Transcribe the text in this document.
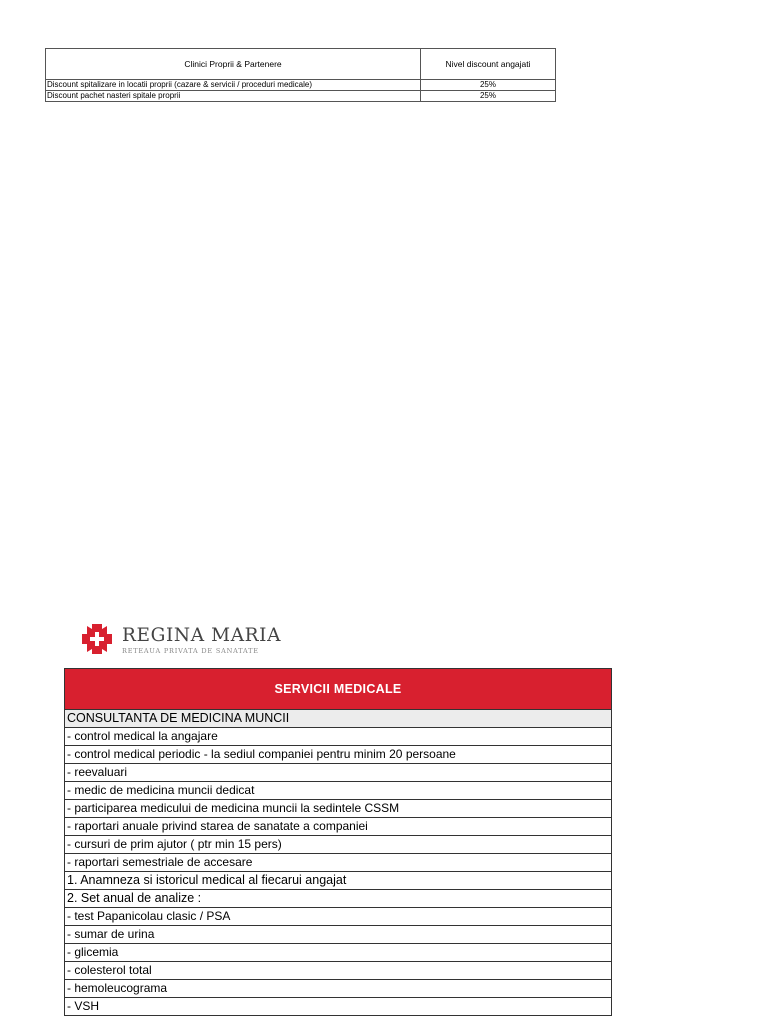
Clinici Proprii & Partenere	Nivel discount angajati
Discount spitalizare in locatii proprii (cazare & servicii / proceduri medicale)	25%
Discount pachet nasteri spitale proprii	25%
REGINA MARIA
RETEAUA PRIVATA DE SANATATE
SERVICII MEDICALE
CONSULTANTA DE MEDICINA MUNCII
- control medical la angajare
- control medical periodic - la sediul companiei pentru minim 20 persoane
- reevaluari
- medic de medicina muncii dedicat
- participarea medicului de medicina muncii la sedintele CSSM
- raportari anuale privind starea de sanatate a companiei
- cursuri de prim ajutor ( ptr min 15 pers)
- raportari semestriale de accesare
1. Anamneza si istoricul medical al fiecarui angajat
2. Set anual de analize :
- test Papanicolau clasic / PSA
- sumar de urina
- glicemia
- colesterol total
- hemoleucograma
- VSH
